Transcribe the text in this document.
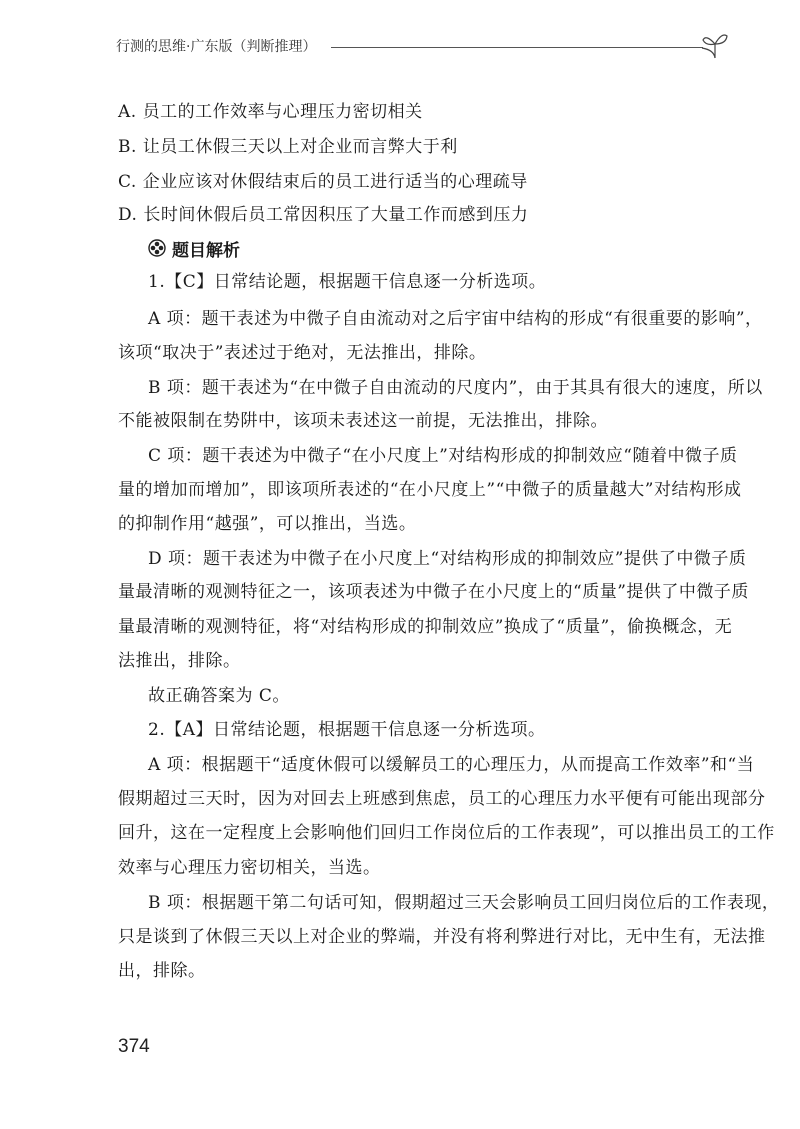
行测的思维·广东版（判断推理）
A. 员工的工作效率与心理压力密切相关
B. 让员工休假三天以上对企业而言弊大于利
C. 企业应该对休假结束后的员工进行适当的心理疏导
D. 长时间休假后员工常因积压了大量工作而感到压力
题目解析
1.【C】日常结论题，根据题干信息逐一分析选项。
A 项：题干表述为中微子自由流动对之后宇宙中结构的形成“有很重要的影响”，
该项“取决于”表述过于绝对，无法推出，排除。
B 项：题干表述为“在中微子自由流动的尺度内”，由于其具有很大的速度，所以
不能被限制在势阱中，该项未表述这一前提，无法推出，排除。
C 项：题干表述为中微子“在小尺度上”对结构形成的抑制效应“随着中微子质
量的增加而增加”，即该项所表述的“在小尺度上”“中微子的质量越大”对结构形成
的抑制作用“越强”，可以推出，当选。
D 项：题干表述为中微子在小尺度上“对结构形成的抑制效应”提供了中微子质
量最清晰的观测特征之一，该项表述为中微子在小尺度上的“质量”提供了中微子质
量最清晰的观测特征，将“对结构形成的抑制效应”换成了“质量”，偷换概念，无
法推出，排除。
故正确答案为 C。
2.【A】日常结论题，根据题干信息逐一分析选项。
A 项：根据题干“适度休假可以缓解员工的心理压力，从而提高工作效率”和“当
假期超过三天时，因为对回去上班感到焦虑，员工的心理压力水平便有可能出现部分
回升，这在一定程度上会影响他们回归工作岗位后的工作表现”，可以推出员工的工作
效率与心理压力密切相关，当选。
B 项：根据题干第二句话可知，假期超过三天会影响员工回归岗位后的工作表现，
只是谈到了休假三天以上对企业的弊端，并没有将利弊进行对比，无中生有，无法推
出，排除。
374
